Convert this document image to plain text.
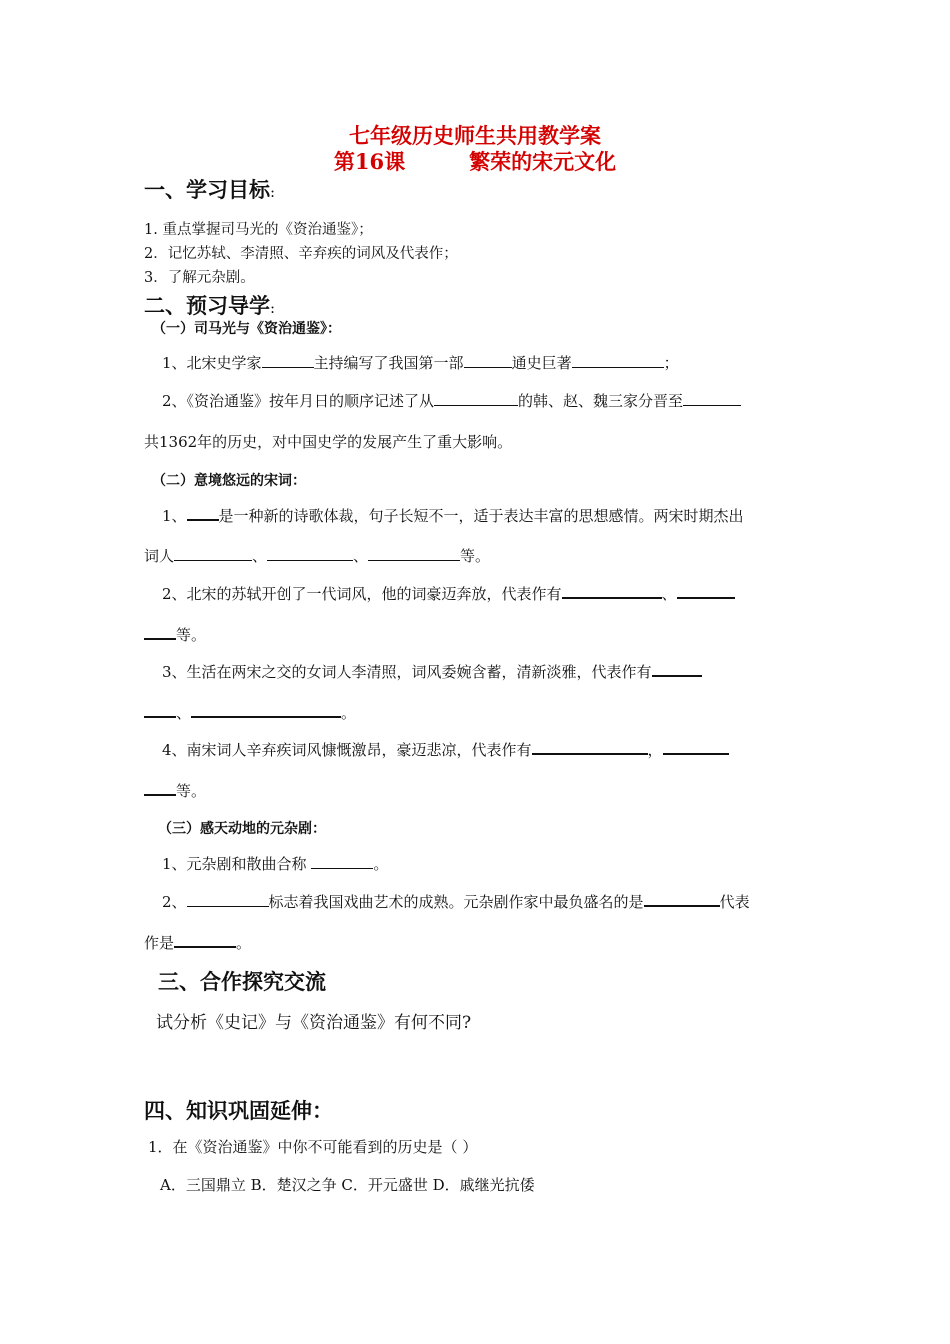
七年级历史师生共用教学案
第16课	繁荣的宋元文化
一、学习目标:
1. 重点掌握司马光的《资治通鉴》；
2．记忆苏轼、李清照、辛弃疾的词风及代表作；
3．了解元杂剧。
二、预习导学:
（一）司马光与《资治通鉴》：
1、北宋史学家	主持编写了我国第一部	通史巨著	；
2、《资治通鉴》按年月日的顺序记述了从	的韩、赵、魏三家分晋至
共1362年的历史，对中国史学的发展产生了重大影响。
（二）意境悠远的宋词：
1、 是一种新的诗歌体裁，句子长短不一，适于表达丰富的思想感情。两宋时期杰出
词人	、	、	等。
2、北宋的苏轼开创了一代词风，他的词豪迈奔放，代表作有	、
等。
3、生活在两宋之交的女词人李清照，词风委婉含蓄，清新淡雅，代表作有
、	。
4、南宋词人辛弃疾词风慷慨激昂，豪迈悲凉，代表作有	，
等。
（三）感天动地的元杂剧：
1、元杂剧和散曲合称	。
2、	标志着我国戏曲艺术的成熟。元杂剧作家中最负盛名的是	代表
作是	。
三、合作探究交流
试分析《史记》与《资治通鉴》有何不同?
四、知识巩固延伸：
1．在《资治通鉴》中你不可能看到的历史是（ ）
A．三国鼎立 B．楚汉之争 C．开元盛世 D．戚继光抗倭
